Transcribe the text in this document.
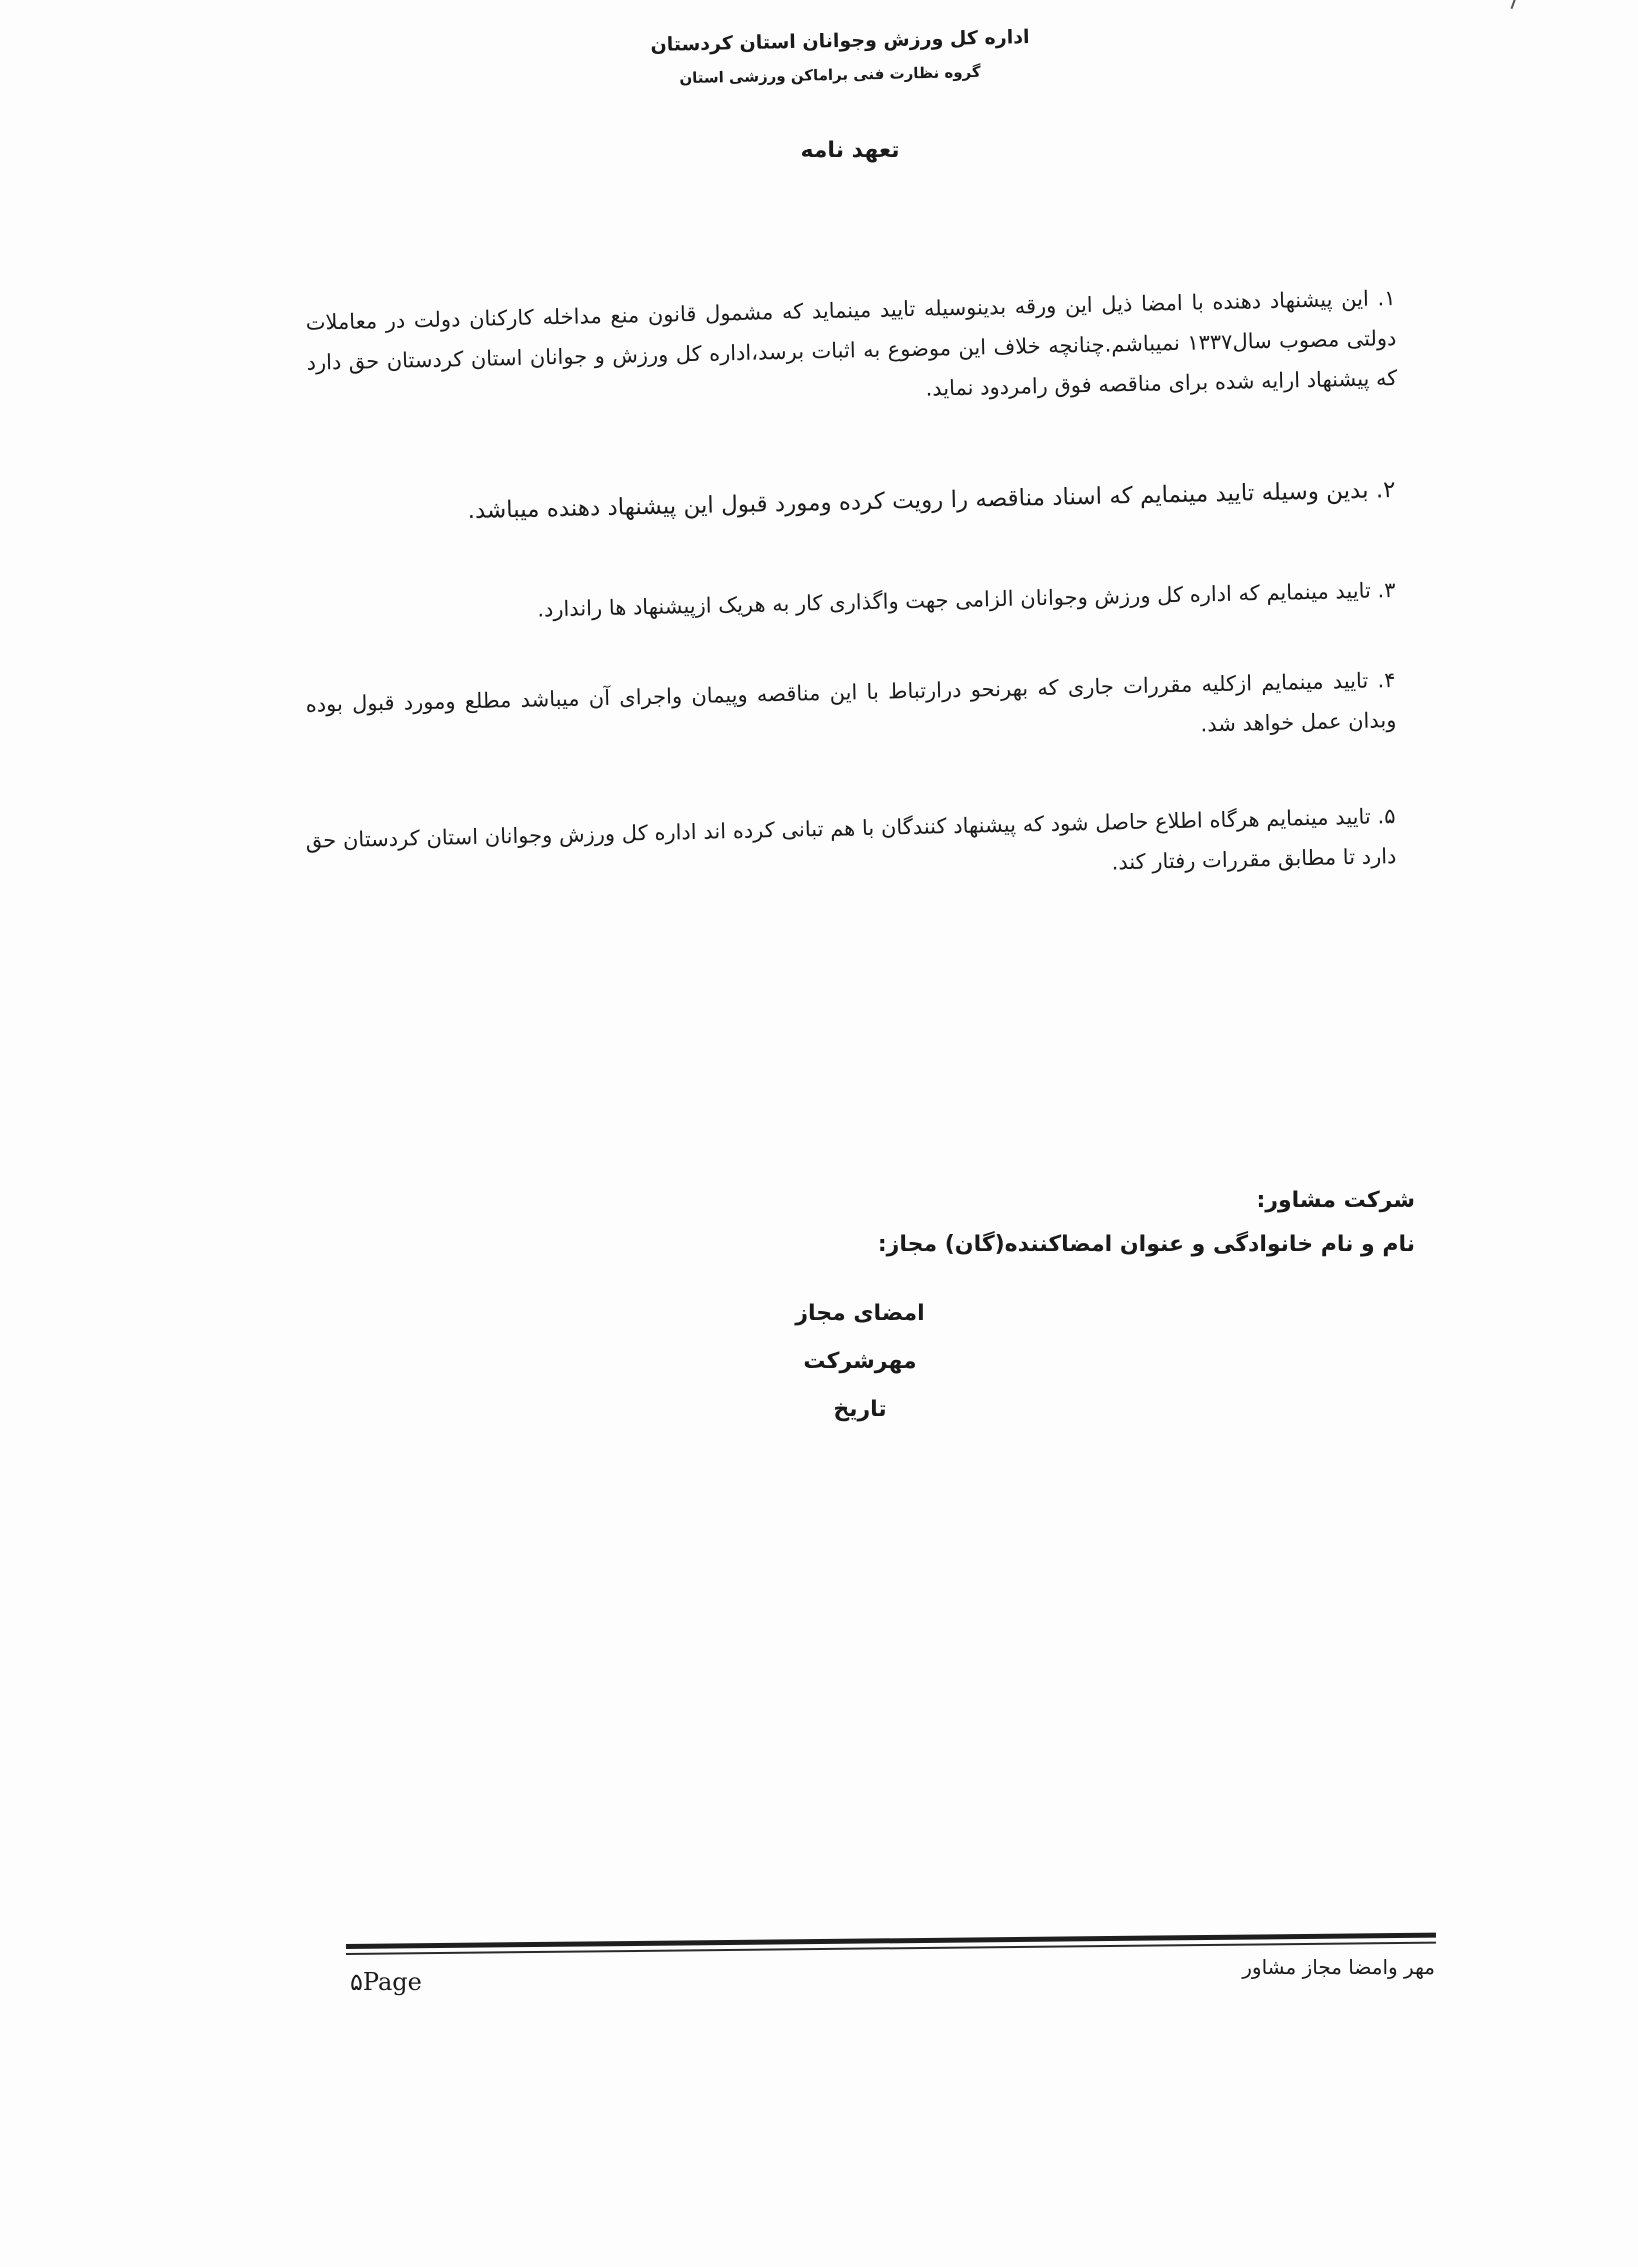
اداره کل ورزش وجوانان استان کردستان
گروه نظارت فنی براماکن ورزشی استان
تعهد نامه
۱. این پیشنهاد دهنده با امضا ذیل این ورقه بدینوسیله تایید مینماید که مشمول قانون منع مداخله کارکنان دولت در معاملات دولتی مصوب سال۱۳۳۷ نمیباشم.چنانچه خلاف این موضوع به اثبات برسد،اداره کل ورزش و جوانان استان کردستان حق دارد که پیشنهاد ارایه شده برای مناقصه فوق رامردود نماید.
۲. بدین وسیله تایید مینمایم که اسناد مناقصه را رویت کرده ومورد قبول این پیشنهاد دهنده میباشد.
۳. تایید مینمایم که اداره کل ورزش وجوانان الزامی جهت واگذاری کار به هریک ازپیشنهاد ها راندارد.
۴. تایید مینمایم ازکلیه مقررات جاری که بهرنحو درارتباط با این مناقصه وپیمان واجرای آن میباشد مطلع ومورد قبول بوده وبدان عمل خواهد شد.
۵. تایید مینمایم هرگاه اطلاع حاصل شود که پیشنهاد کنندگان با هم تبانی کرده اند اداره کل ورزش وجوانان استان کردستان حق دارد تا مطابق مقررات رفتار کند.
شرکت مشاور:
نام و نام خانوادگی و عنوان امضاکننده(گان) مجاز:
امضای مجاز
مهرشرکت
تاریخ
مهر وامضا مجاز مشاور
۵Page
